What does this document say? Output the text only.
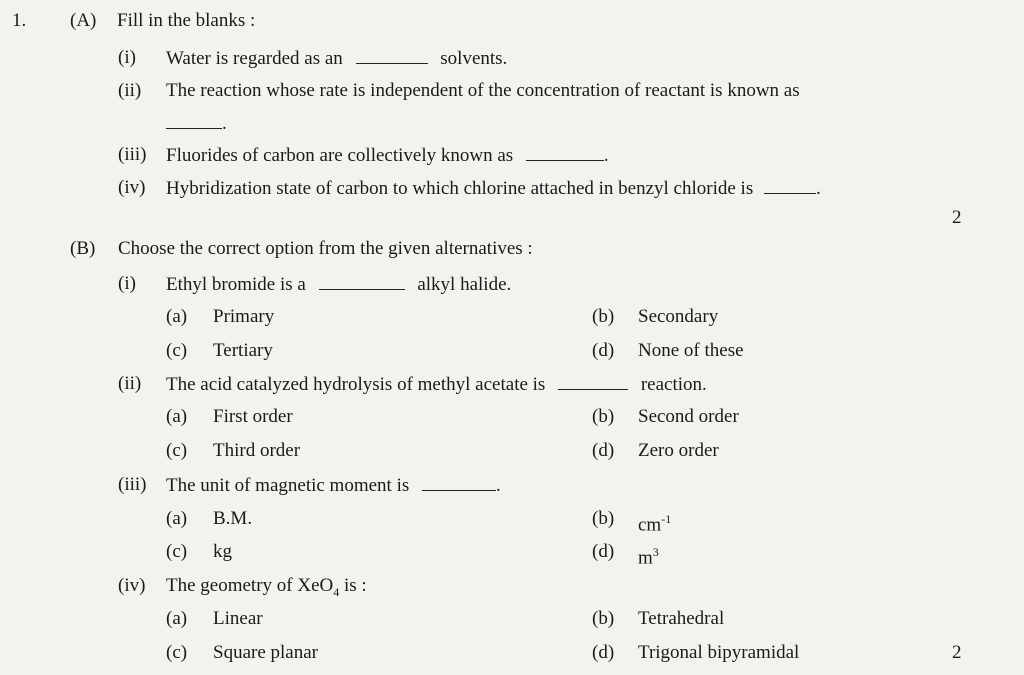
1. (A) Fill in the blanks :
(i) Water is regarded as an	solvents.
(ii) The reaction whose rate is independent of the concentration of reactant is known as
.
(iii) Fluorides of carbon are collectively known as	.
(iv) Hybridization state of carbon to which chlorine attached in benzyl chloride is	.
2
(B) Choose the correct option from the given alternatives :
(i) Ethyl bromide is a	alkyl halide.
(a) Primary	(b) Secondary
(c) Tertiary	(d) None of these
(ii) The acid catalyzed hydrolysis of methyl acetate is	reaction.
(a) First order	(b) Second order
(c) Third order	(d) Zero order
(iii) The unit of magnetic moment is	.
(a) B.M.	(b) $cm^{-1}$
(c) kg	(d) $m^3$
(iv) The geometry of XeO$_4$ is :
(a) Linear	(b) Tetrahedral
(c) Square planar	(d) Trigonal bipyramidal	2
